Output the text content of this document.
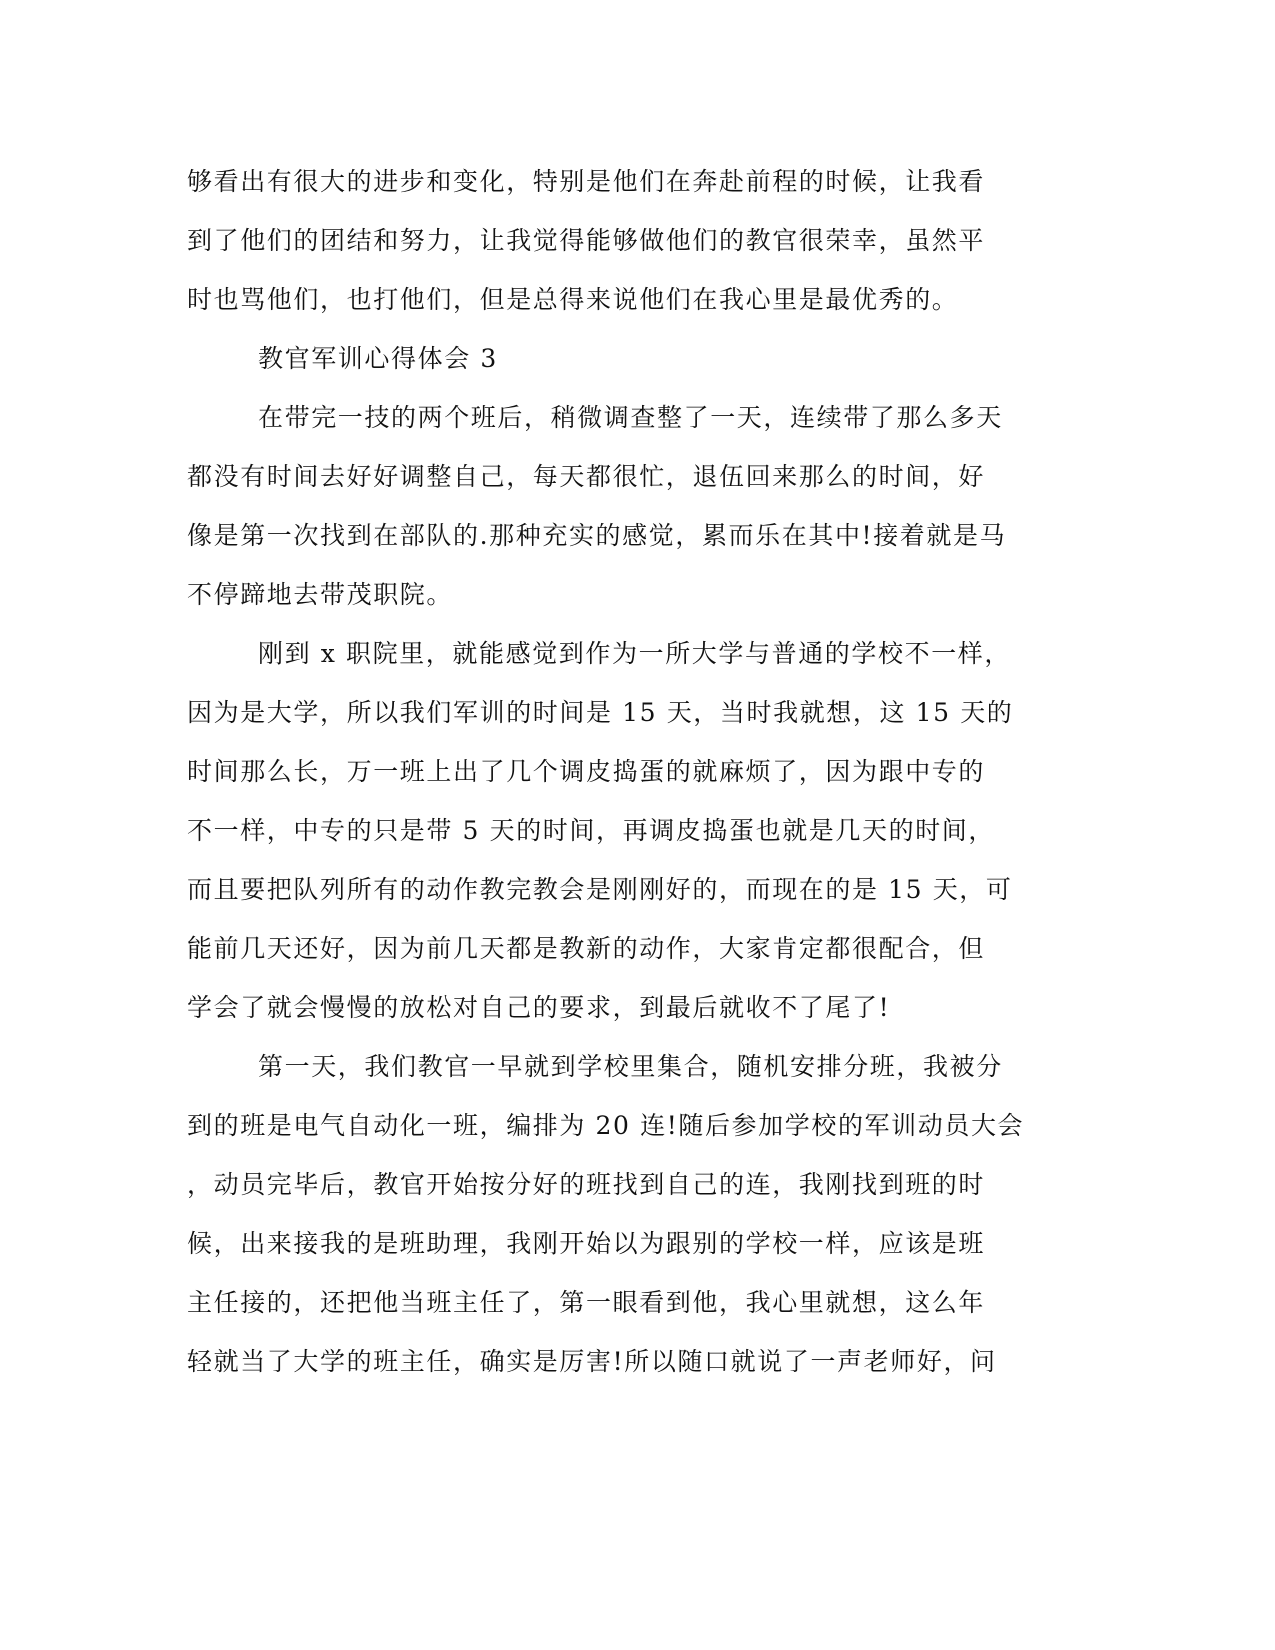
够看出有很大的进步和变化，特别是他们在奔赴前程的时候，让我看

到了他们的团结和努力，让我觉得能够做他们的教官很荣幸，虽然平

时也骂他们，也打他们，但是总得来说他们在我心里是最优秀的。

教官军训心得体会 3

在带完一技的两个班后，稍微调查整了一天，连续带了那么多天

都没有时间去好好调整自己，每天都很忙，退伍回来那么的时间，好

像是第一次找到在部队的.那种充实的感觉，累而乐在其中!接着就是马

不停蹄地去带茂职院。

刚到 x 职院里，就能感觉到作为一所大学与普通的学校不一样，

因为是大学，所以我们军训的时间是 15 天，当时我就想，这 15 天的

时间那么长，万一班上出了几个调皮捣蛋的就麻烦了，因为跟中专的

不一样，中专的只是带 5 天的时间，再调皮捣蛋也就是几天的时间，

而且要把队列所有的动作教完教会是刚刚好的，而现在的是 15 天，可

能前几天还好，因为前几天都是教新的动作，大家肯定都很配合，但

学会了就会慢慢的放松对自己的要求，到最后就收不了尾了!

第一天，我们教官一早就到学校里集合，随机安排分班，我被分

到的班是电气自动化一班，编排为 20 连!随后参加学校的军训动员大会

，动员完毕后，教官开始按分好的班找到自己的连，我刚找到班的时

候，出来接我的是班助理，我刚开始以为跟别的学校一样，应该是班

主任接的，还把他当班主任了，第一眼看到他，我心里就想，这么年

轻就当了大学的班主任，确实是厉害!所以随口就说了一声老师好，问
